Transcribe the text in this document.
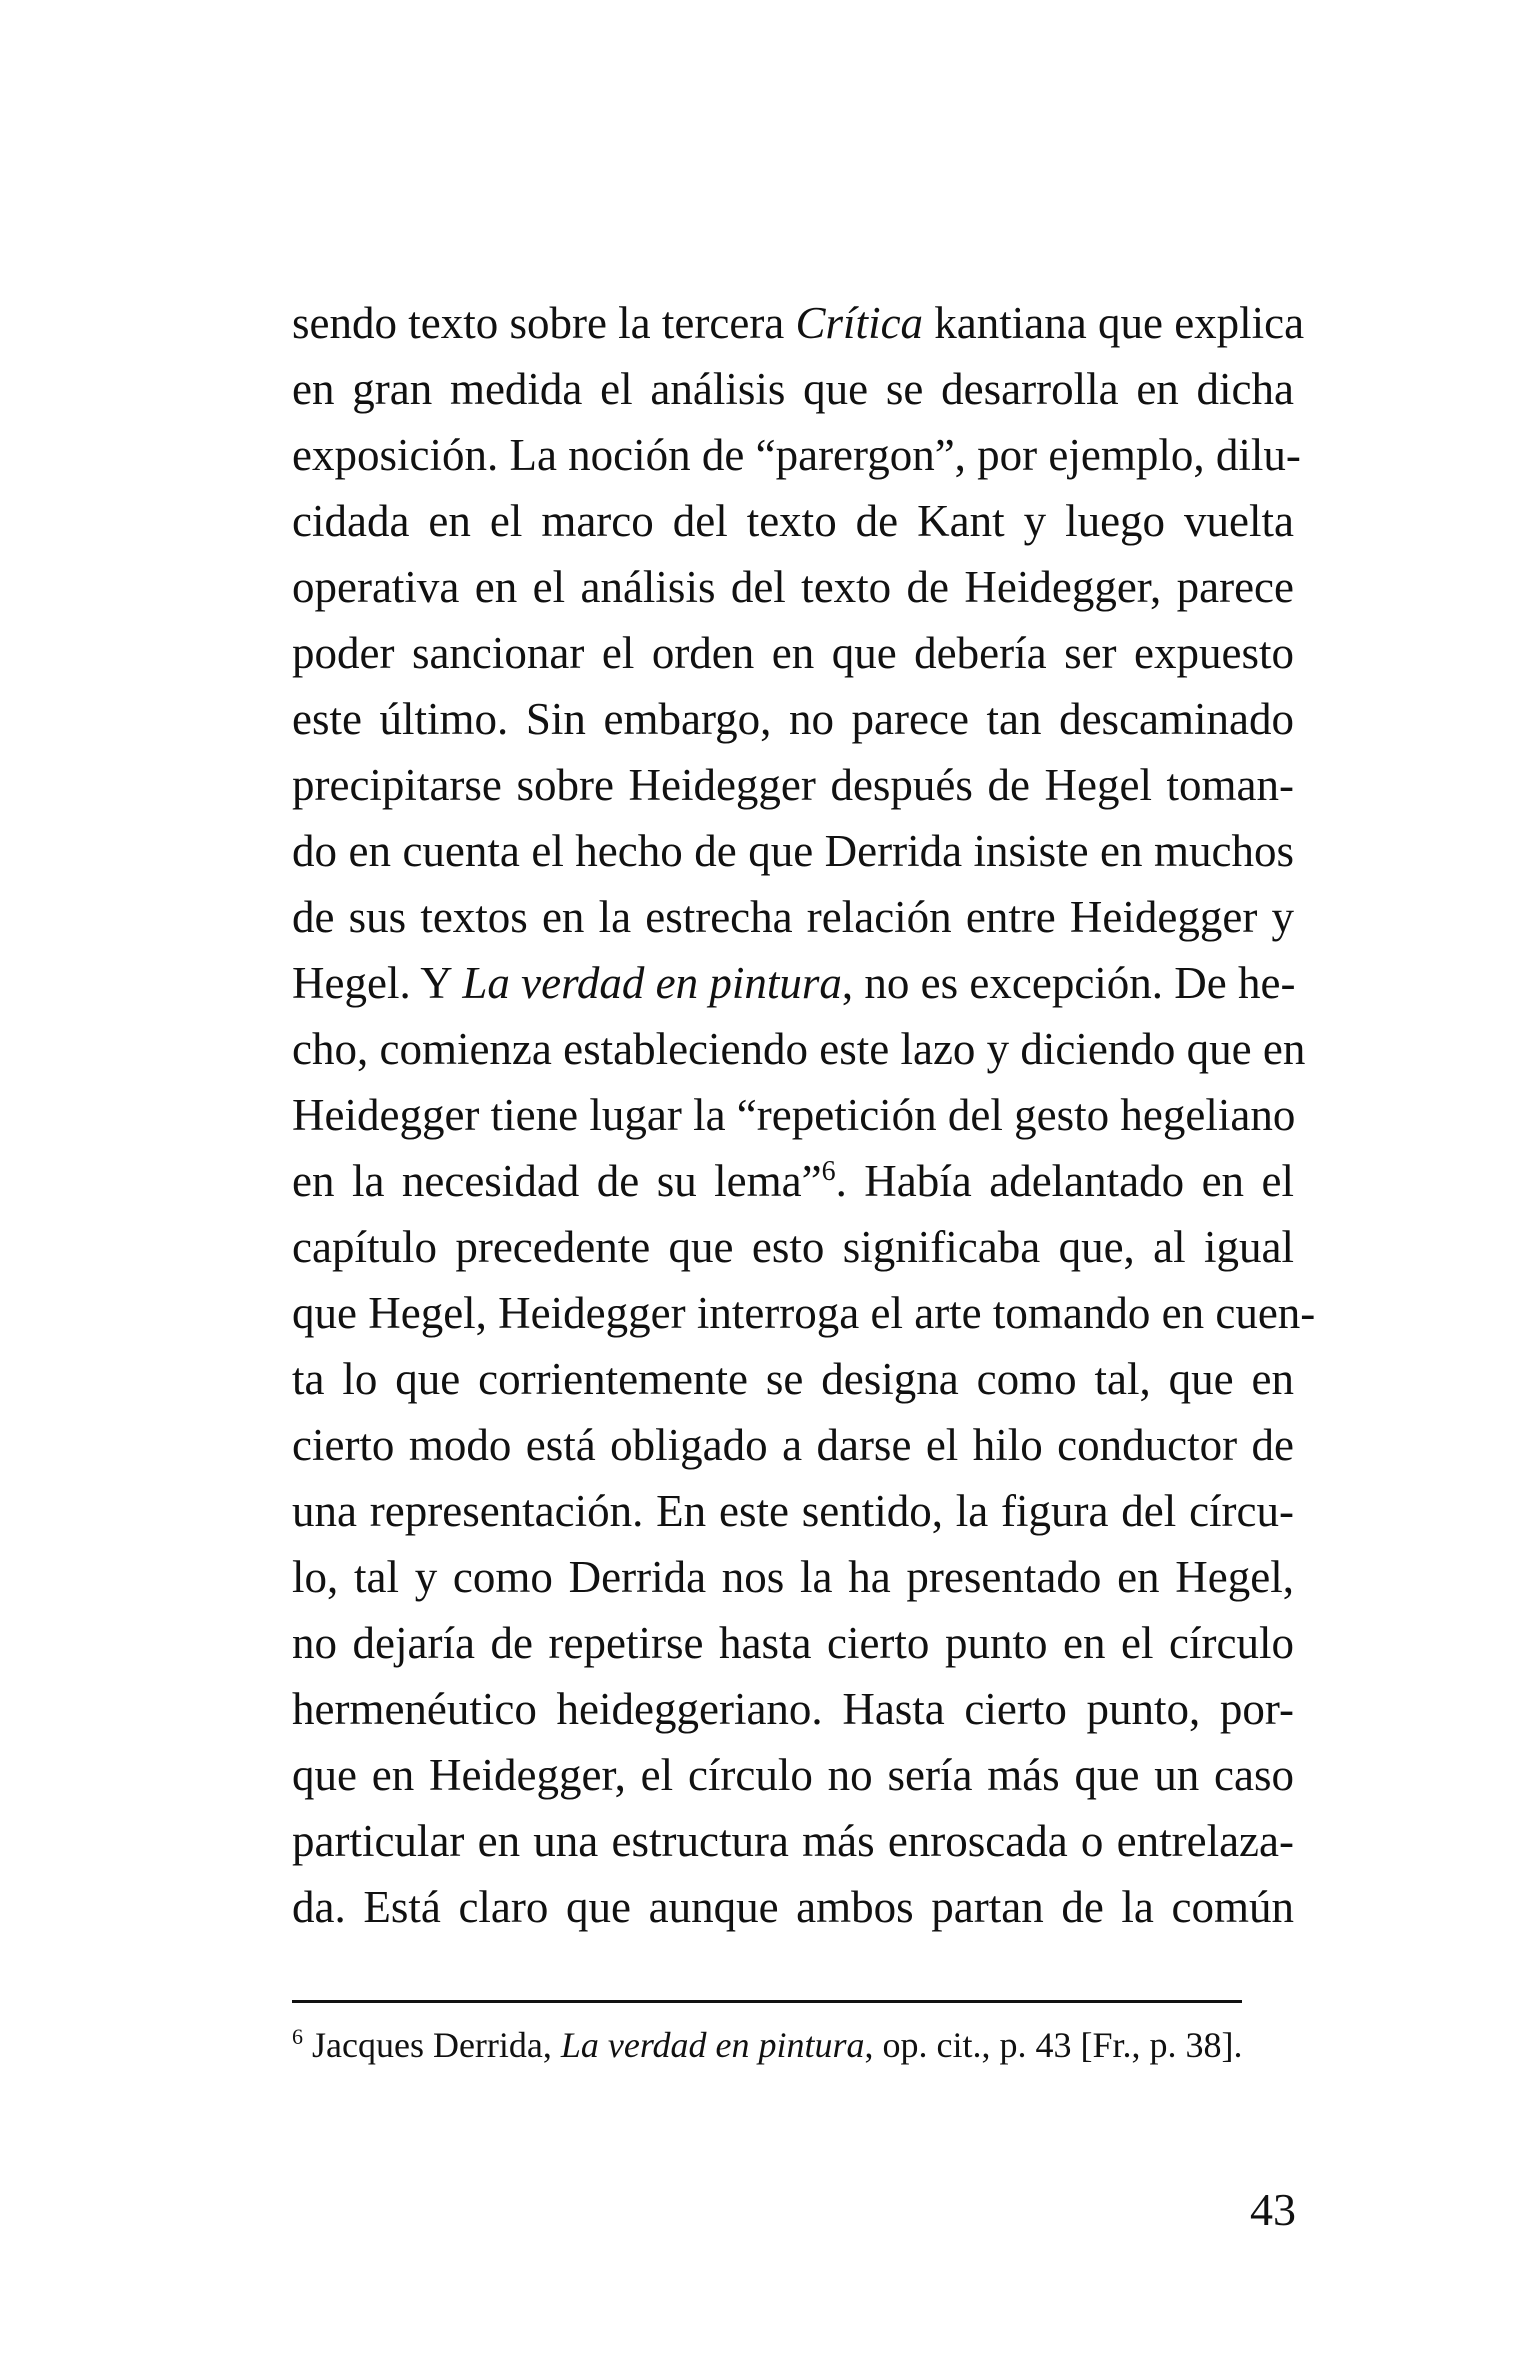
sendo texto sobre la tercera Crítica kantiana que explica
en gran medida el análisis que se desarrolla en dicha
exposición. La noción de “parergon”, por ejemplo, dilu-
cidada en el marco del texto de Kant y luego vuelta
operativa en el análisis del texto de Heidegger, parece
poder sancionar el orden en que debería ser expuesto
este último. Sin embargo, no parece tan descaminado
precipitarse sobre Heidegger después de Hegel toman-
do en cuenta el hecho de que Derrida insiste en muchos
de sus textos en la estrecha relación entre Heidegger y
Hegel. Y La verdad en pintura, no es excepción. De he-
cho, comienza estableciendo este lazo y diciendo que en
Heidegger tiene lugar la “repetición del gesto hegeliano
en la necesidad de su lema”$^6$. Había adelantado en el
capítulo precedente que esto significaba que, al igual
que Hegel, Heidegger interroga el arte tomando en cuen-
ta lo que corrientemente se designa como tal, que en
cierto modo está obligado a darse el hilo conductor de
una representación. En este sentido, la figura del círcu-
lo, tal y como Derrida nos la ha presentado en Hegel,
no dejaría de repetirse hasta cierto punto en el círculo
hermenéutico heideggeriano. Hasta cierto punto, por-
que en Heidegger, el círculo no sería más que un caso
particular en una estructura más enroscada o entrelaza-
da. Está claro que aunque ambos partan de la común
$^6$ Jacques Derrida, La verdad en pintura, op. cit., p. 43 [Fr., p. 38].
43
